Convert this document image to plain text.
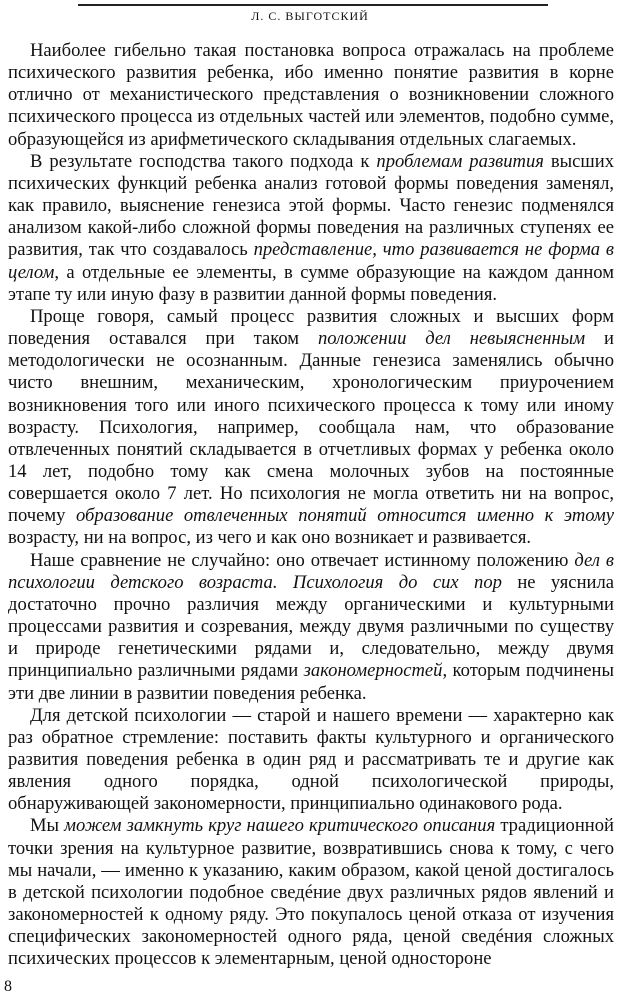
Л. С. ВЫГОТСКИЙ

Наиболее гибельно такая постановка вопроса отражалась на проблеме психического развития ребенка, ибо именно понятие развития в корне отлично от механистического представления о возникновении сложного психического процесса из отдельных частей или элементов, подобно сумме, образующейся из арифметического складывания отдельных слагаемых.

В результате господства такого подхода к проблемам развития высших психических функций ребенка анализ готовой формы поведения заменял, как правило, выяснение генезиса этой формы. Часто генезис подменялся анализом какой-либо сложной формы поведения на различных ступенях ее развития, так что создавалось представление, что развивается не форма в целом, а отдельные ее элементы, в сумме образующие на каждом данном этапе ту или иную фазу в развитии данной формы поведения.

Проще говоря, самый процесс развития сложных и высших форм поведения оставался при таком положении дел невыясненным и методологически не осознанным. Данные генезиса заменялись обычно чисто внешним, механическим, хронологическим приурочением возникновения того или иного психического процесса к тому или иному возрасту. Психология, например, сообщала нам, что образование отвлеченных понятий складывается в отчетливых формах у ребенка около 14 лет, подобно тому как смена молочных зубов на постоянные совершается около 7 лет. Но психология не могла ответить ни на вопрос, почему образование отвлеченных понятий относится именно к этому возрасту, ни на вопрос, из чего и как оно возникает и развивается.

Наше сравнение не случайно: оно отвечает истинному положению дел в психологии детского возраста. Психология до сих пор не уяснила достаточно прочно различия между органическими и культурными процессами развития и созревания, между двумя различными по существу и природе генетическими рядами и, следовательно, между двумя принципиально различными рядами закономерностей, которым подчинены эти две линии в развитии поведения ребенка.

Для детской психологии — старой и нашего времени — характерно как раз обратное стремление: поставить факты культурного и органического развития поведения ребенка в один ряд и рассматривать те и другие как явления одного порядка, одной психологической природы, обнаруживающей закономерности, принципиально одинакового рода.

Мы можем замкнуть круг нашего критического описания традиционной точки зрения на культурное развитие, возвратившись снова к тому, с чего мы начали, — именно к указанию, каким образом, какой ценой достигалось в детской психологии подобное сведéние двух различных рядов явлений и закономерностей к одному ряду. Это покупалось ценой отказа от изучения специфических закономерностей одного ряда, ценой сведéния сложных психических процессов к элементарным, ценой одностороне

8
